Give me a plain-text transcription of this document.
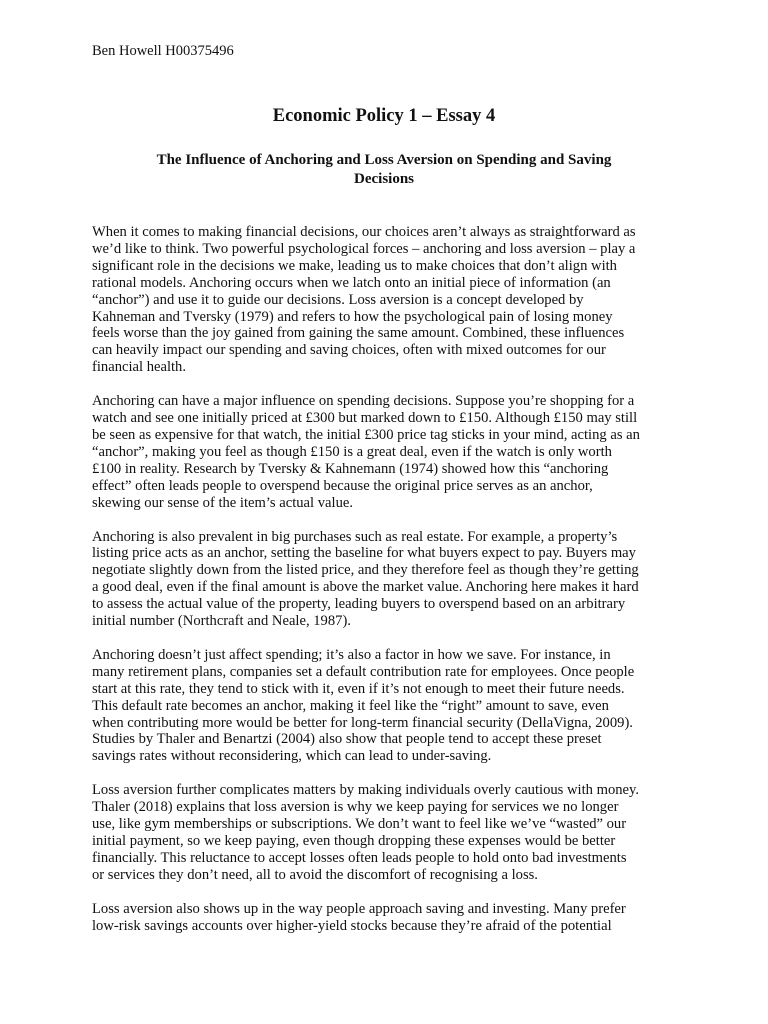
Ben Howell H00375496
Economic Policy 1 – Essay 4
The Influence of Anchoring and Loss Aversion on Spending and Saving
Decisions

When it comes to making financial decisions, our choices aren’t always as straightforward as
we’d like to think. Two powerful psychological forces – anchoring and loss aversion – play a
significant role in the decisions we make, leading us to make choices that don’t align with
rational models. Anchoring occurs when we latch onto an initial piece of information (an
“anchor”) and use it to guide our decisions. Loss aversion is a concept developed by
Kahneman and Tversky (1979) and refers to how the psychological pain of losing money
feels worse than the joy gained from gaining the same amount. Combined, these influences
can heavily impact our spending and saving choices, often with mixed outcomes for our
financial health.

Anchoring can have a major influence on spending decisions. Suppose you’re shopping for a
watch and see one initially priced at £300 but marked down to £150. Although £150 may still
be seen as expensive for that watch, the initial £300 price tag sticks in your mind, acting as an
“anchor”, making you feel as though £150 is a great deal, even if the watch is only worth
£100 in reality. Research by Tversky & Kahnemann (1974) showed how this “anchoring
effect” often leads people to overspend because the original price serves as an anchor,
skewing our sense of the item’s actual value.

Anchoring is also prevalent in big purchases such as real estate. For example, a property’s
listing price acts as an anchor, setting the baseline for what buyers expect to pay. Buyers may
negotiate slightly down from the listed price, and they therefore feel as though they’re getting
a good deal, even if the final amount is above the market value. Anchoring here makes it hard
to assess the actual value of the property, leading buyers to overspend based on an arbitrary
initial number (Northcraft and Neale, 1987).

Anchoring doesn’t just affect spending; it’s also a factor in how we save. For instance, in
many retirement plans, companies set a default contribution rate for employees. Once people
start at this rate, they tend to stick with it, even if it’s not enough to meet their future needs.
This default rate becomes an anchor, making it feel like the “right” amount to save, even
when contributing more would be better for long-term financial security (DellaVigna, 2009).
Studies by Thaler and Benartzi (2004) also show that people tend to accept these preset
savings rates without reconsidering, which can lead to under-saving.

Loss aversion further complicates matters by making individuals overly cautious with money.
Thaler (2018) explains that loss aversion is why we keep paying for services we no longer
use, like gym memberships or subscriptions. We don’t want to feel like we’ve “wasted” our
initial payment, so we keep paying, even though dropping these expenses would be better
financially. This reluctance to accept losses often leads people to hold onto bad investments
or services they don’t need, all to avoid the discomfort of recognising a loss.

Loss aversion also shows up in the way people approach saving and investing. Many prefer
low-risk savings accounts over higher-yield stocks because they’re afraid of the potential
